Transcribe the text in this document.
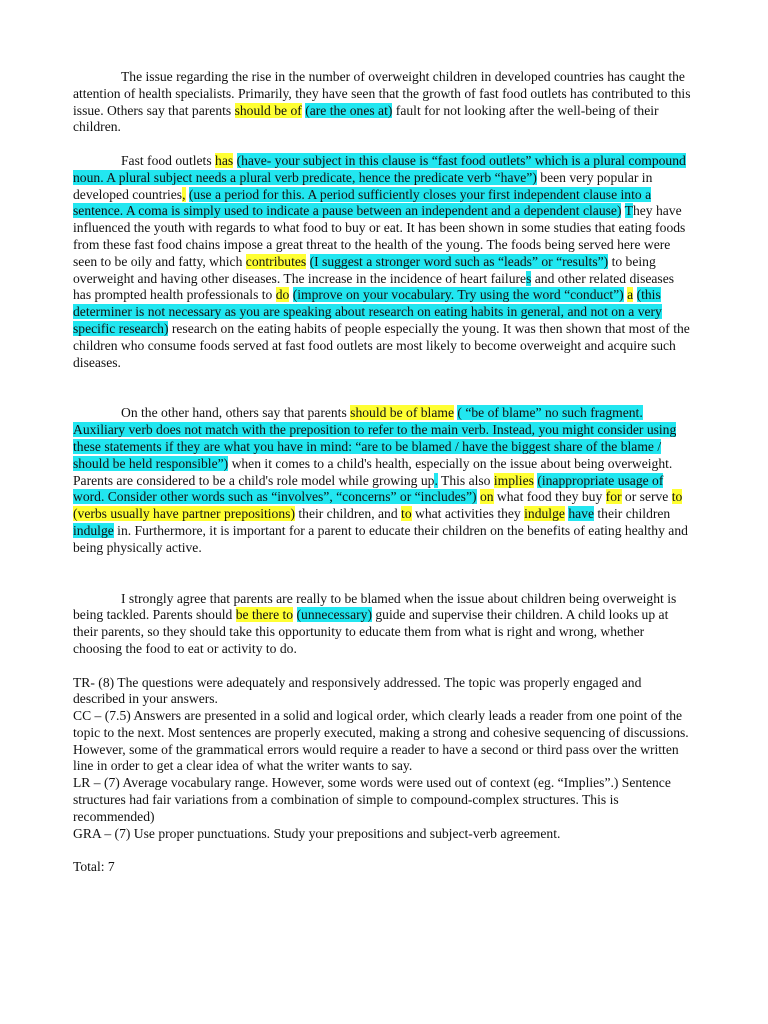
The issue regarding the rise in the number of overweight children in developed countries has caught the attention of health specialists. Primarily, they have seen that the growth of fast food outlets has contributed to this issue. Others say that parents should be of (are the ones at) fault for not looking after the well-being of their children.

Fast food outlets has (have- your subject in this clause is “fast food outlets” which is a plural compound noun. A plural subject needs a plural verb predicate, hence the predicate verb “have”) been very popular in developed countries, (use a period for this. A period sufficiently closes your first independent clause into a sentence. A coma is simply used to indicate a pause between an independent and a dependent clause) They have influenced the youth with regards to what food to buy or eat. It has been shown in some studies that eating foods from these fast food chains impose a great threat to the health of the young. The foods being served here were seen to be oily and fatty, which contributes (I suggest a stronger word such as “leads” or “results”) to being overweight and having other diseases. The increase in the incidence of heart failures and other related diseases has prompted health professionals to do (improve on your vocabulary. Try using the word “conduct”) a (this determiner is not necessary as you are speaking about research on eating habits in general, and not on a very specific research) research on the eating habits of people especially the young. It was then shown that most of the children who consume foods served at fast food outlets are most likely to become overweight and acquire such diseases.

On the other hand, others say that parents should be of blame ( “be of blame” no such fragment. Auxiliary verb does not match with the preposition to refer to the main verb. Instead, you might consider using these statements if they are what you have in mind: “are to be blamed / have the biggest share of the blame / should be held responsible”) when it comes to a child's health, especially on the issue about being overweight. Parents are considered to be a child's role model while growing up. This also implies (inappropriate usage of word. Consider other words such as “involves”, “concerns” or “includes”) on what food they buy for or serve to (verbs usually have partner prepositions) their children, and to what activities they indulge have their children indulge in. Furthermore, it is important for a parent to educate their children on the benefits of eating healthy and being physically active.

I strongly agree that parents are really to be blamed when the issue about children being overweight is being tackled. Parents should be there to (unnecessary) guide and supervise their children. A child looks up at their parents, so they should take this opportunity to educate them from what is right and wrong, whether choosing the food to eat or activity to do.

TR- (8) The questions were adequately and responsively addressed. The topic was properly engaged and described in your answers.

CC – (7.5) Answers are presented in a solid and logical order, which clearly leads a reader from one point of the topic to the next. Most sentences are properly executed, making a strong and cohesive sequencing of discussions. However, some of the grammatical errors would require a reader to have a second or third pass over the written line in order to get a clear idea of what the writer wants to say.

LR – (7) Average vocabulary range. However, some words were used out of context (eg. “Implies”.) Sentence structures had fair variations from a combination of simple to compound-complex structures. This is recommended)

GRA – (7) Use proper punctuations. Study your prepositions and subject-verb agreement.

Total: 7
